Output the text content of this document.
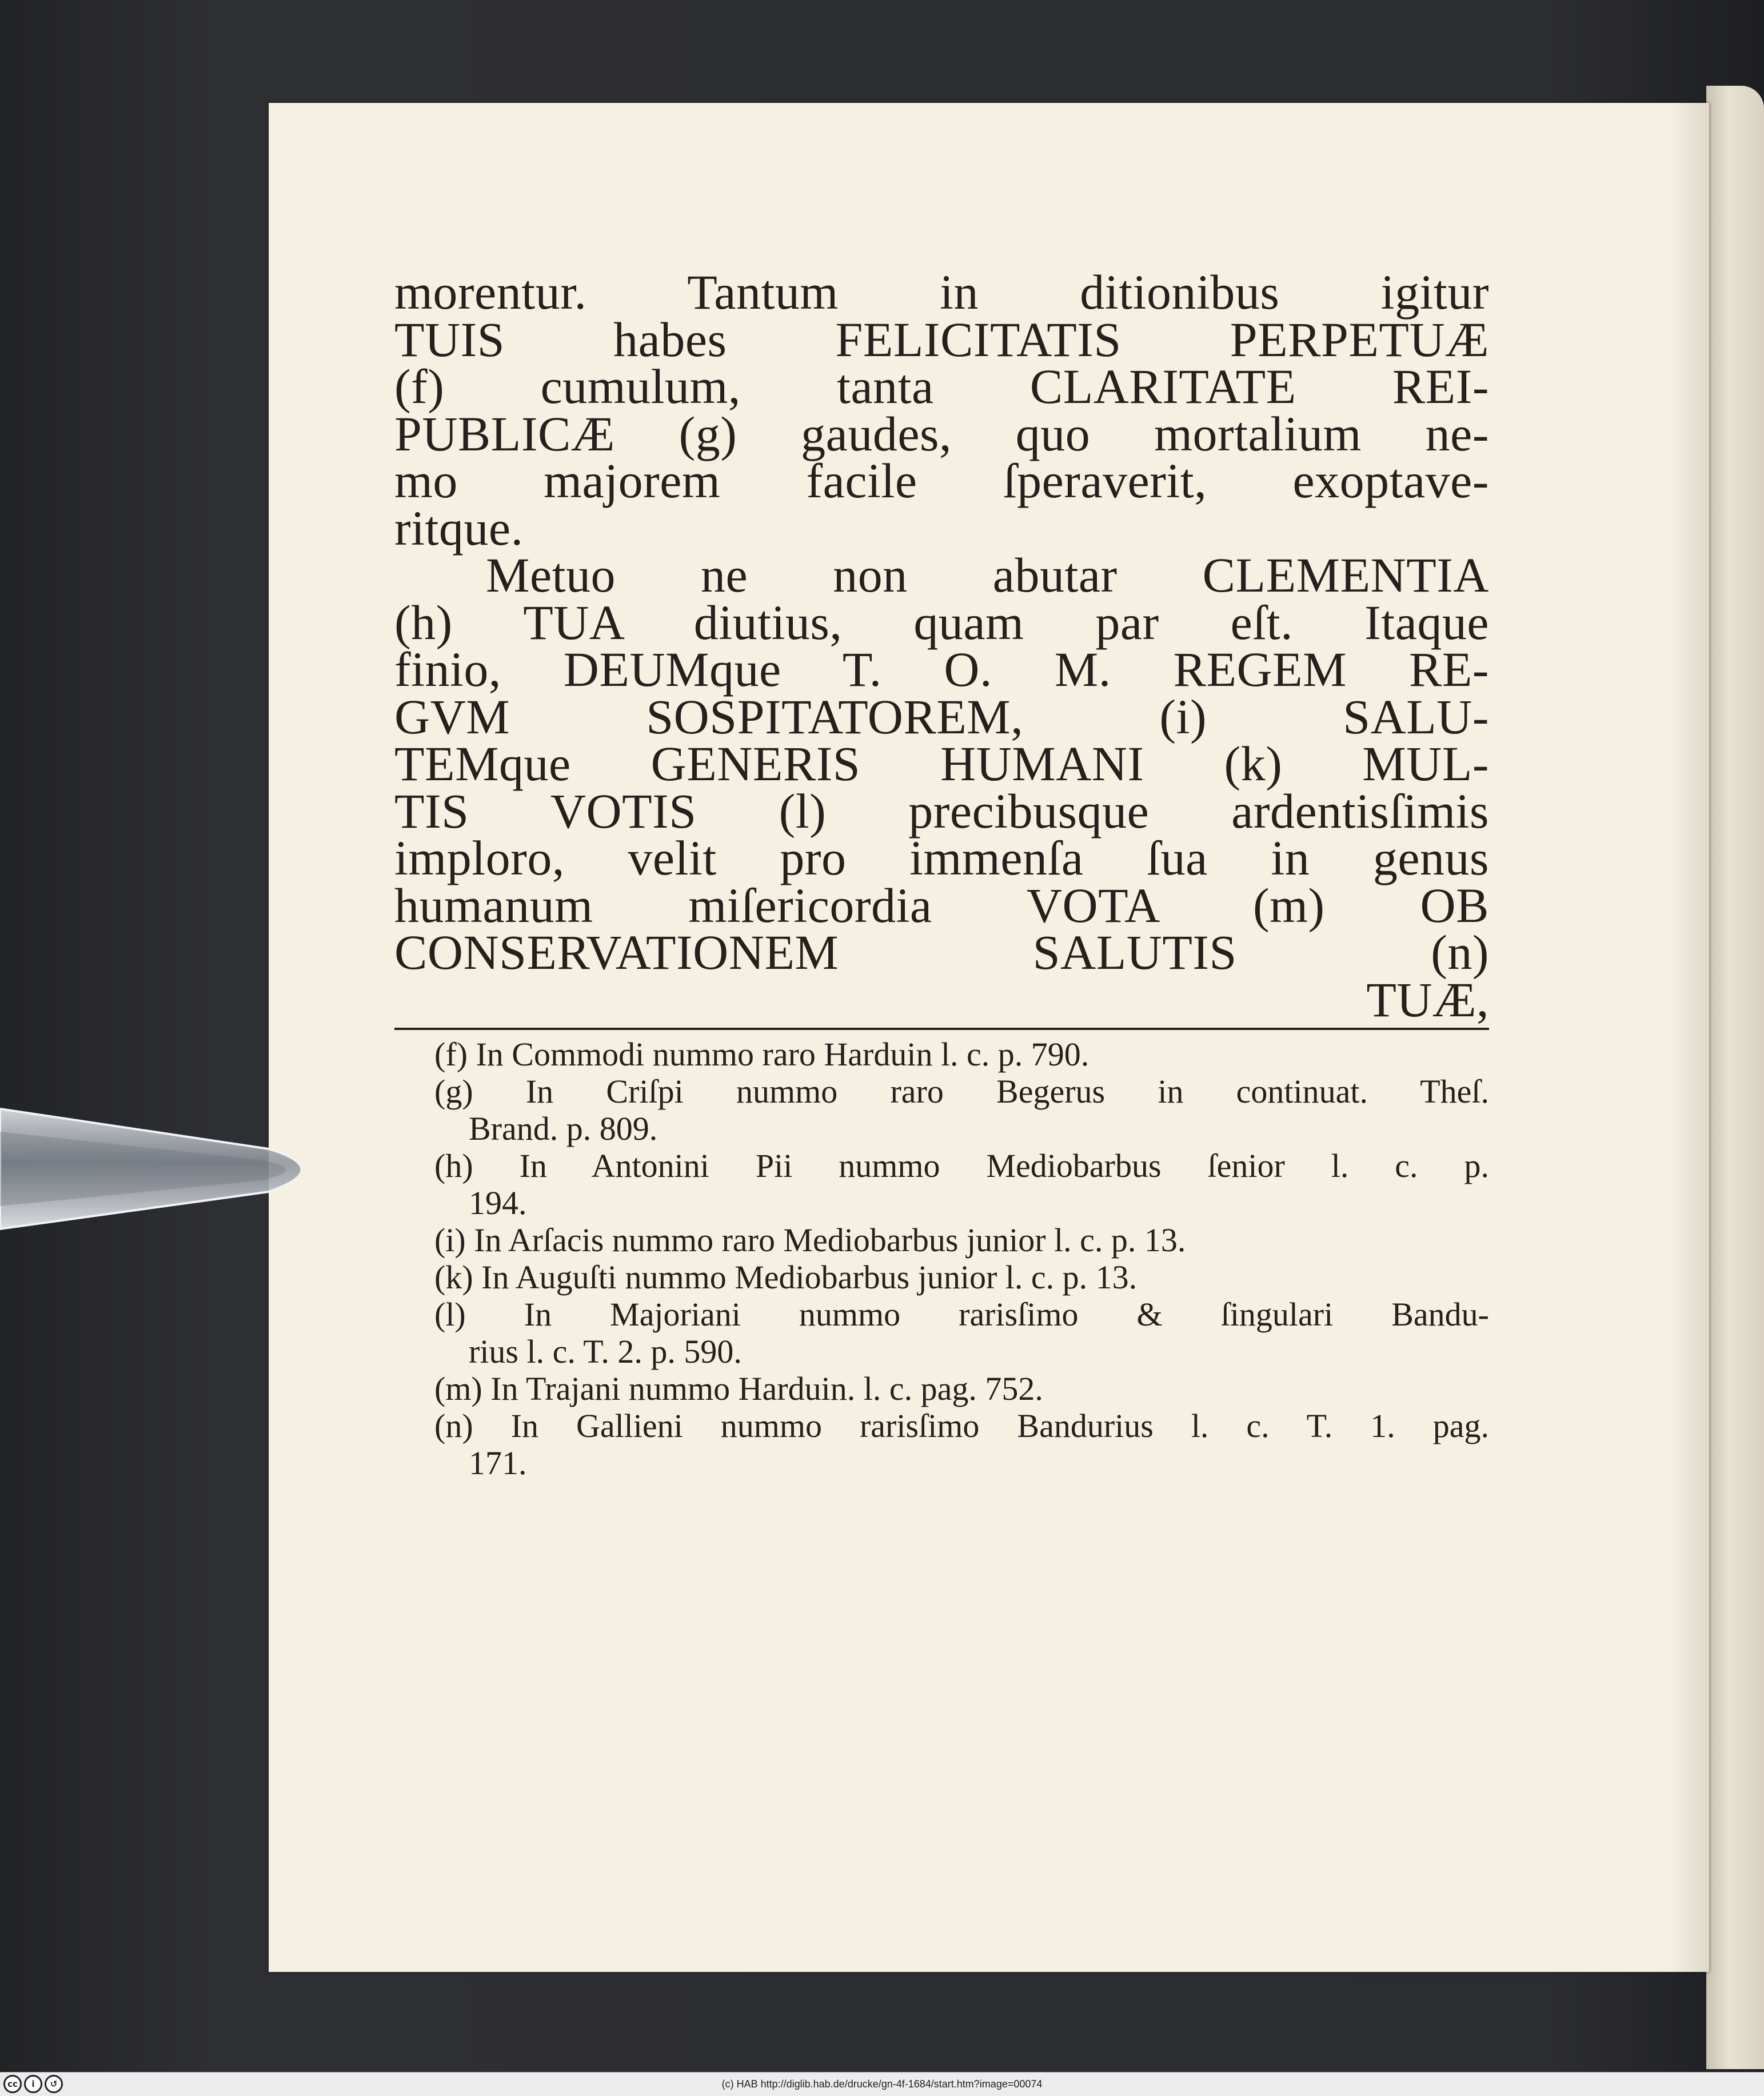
morentur. Tantum in ditionibus igitur
TUIS habes FELICITATIS PERPETUÆ
(f) cumulum, tanta CLARITATE REI-
PUBLICÆ (g) gaudes, quo mortalium ne-
mo majorem facile ſperaverit, exoptave-
ritque.
Metuo ne non abutar CLEMENTIA
(h) TUA diutius, quam par eſt. Itaque
finio, DEUMque T. O. M. REGEM RE-
GVM SOSPITATOREM, (i) SALU-
TEMque GENERIS HUMANI (k) MUL-
TIS VOTIS (l) precibusque ardentisſimis
imploro, velit pro immenſa ſua in genus
humanum miſericordia VOTA (m) OB
CONSERVATIONEM SALUTIS (n)
TUÆ,
(f) In Commodi nummo raro Harduin l. c. p. 790.
(g) In Criſpi nummo raro Begerus in continuat. Theſ.
Brand. p. 809.
(h) In Antonini Pii nummo Mediobarbus ſenior l. c. p.
194.
(i) In Arſacis nummo raro Mediobarbus junior l. c. p. 13.
(k) In Auguſti nummo Mediobarbus junior l. c. p. 13.
(l) In Majoriani nummo rarisſimo & ſingulari Bandu-
rius l. c. T. 2. p. 590.
(m) In Trajani nummo Harduin. l. c. pag. 752.
(n) In Gallieni nummo rarisſimo Bandurius l. c. T. 1. pag.
171.
cc	i	↺	(c) HAB http://diglib.hab.de/drucke/gn-4f-1684/start.htm?image=00074
